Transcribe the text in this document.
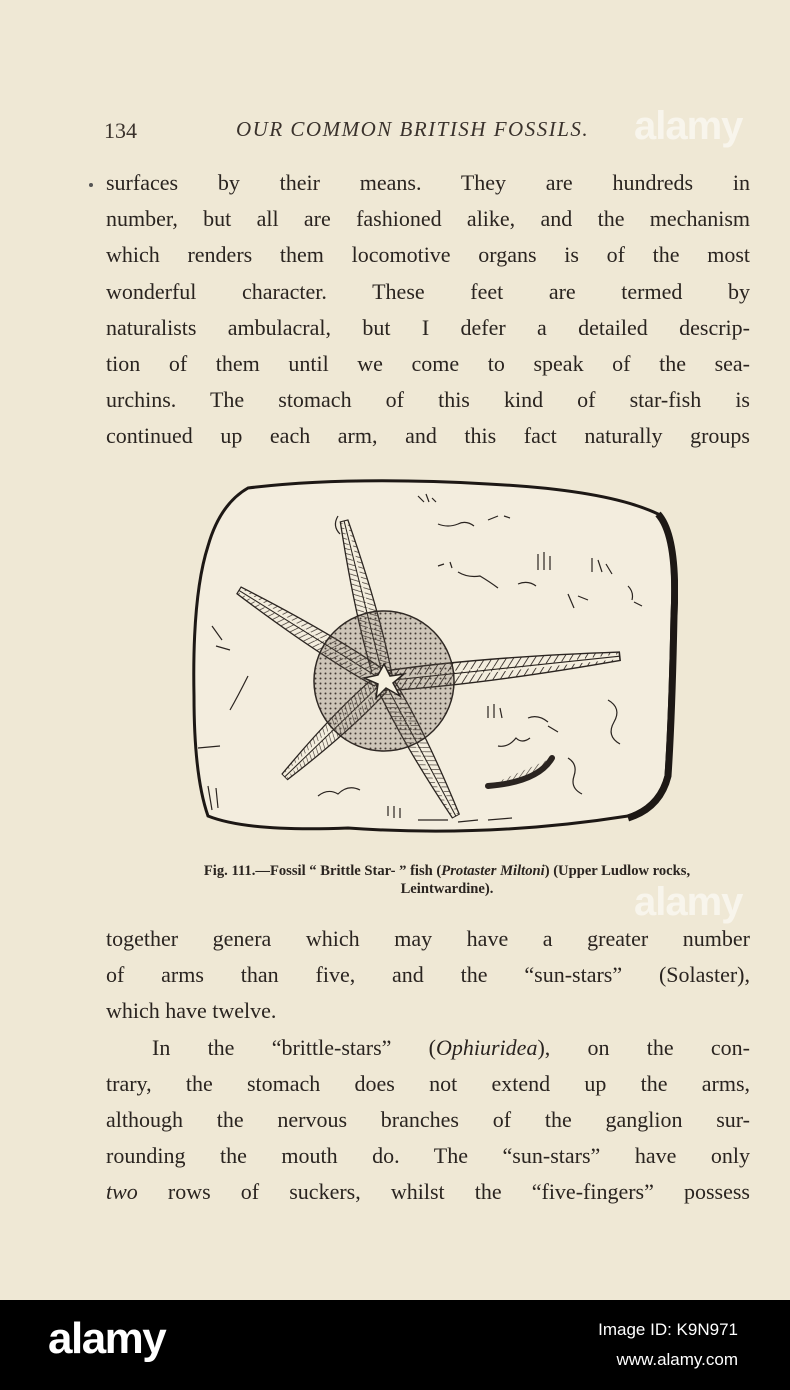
134	OUR COMMON BRITISH FOSSILS. alamy
surfaces by their means. They are hundreds in
number, but all are fashioned alike, and the mechanism
which renders them locomotive organs is of the most
wonderful character. These feet are termed by
naturalists ambulacral, but I defer a detailed descrip-
tion of them until we come to speak of the sea-
urchins. The stomach of this kind of star-fish is
continued up each arm, and this fact naturally groups
Fig. 111.—Fossil “ Brittle Star- ” fish (Protaster Miltoni) (Upper Ludlow rocks,
Leintwardine).	alamy
together genera which may have a greater number
of arms than five, and the “sun-stars” (Solaster),
which have twelve.
In the “brittle-stars” (Ophiuridea), on the con-
trary, the stomach does not extend up the arms,
although the nervous branches of the ganglion sur-
rounding the mouth do. The “sun-stars” have only
two rows of suckers, whilst the “five-fingers” possess
alamy	Image ID: K9N971
www.alamy.com
